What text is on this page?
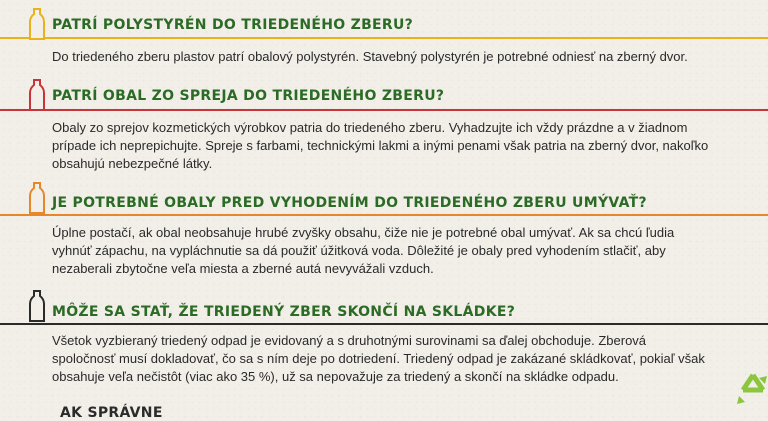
PATRÍ POLYSTYRÉN DO TRIEDENÉHO ZBERU?
Do triedeného zberu plastov patrí obalový polystyrén. Stavebný polystyrén je potrebné odniesť na zberný dvor.
PATRÍ OBAL ZO SPREJA DO TRIEDENÉHO ZBERU?
Obaly zo sprejov kozmetických výrobkov patria do triedeného zberu. Vyhadzujte ich vždy prázdne a v žiadnom prípade ich neprepichujte. Spreje s farbami, technickými lakmi a inými penami však patria na zberný dvor, nakoľko obsahujú nebezpečné látky.
JE POTREBNÉ OBALY PRED VYHODENÍM DO TRIEDENÉHO ZBERU UMÝVAŤ?
Úplne postačí, ak obal neobsahuje hrubé zvyšky obsahu, čiže nie je potrebné obal umývať. Ak sa chcú ľudia vyhnúť zápachu, na vypláchnutie sa dá použiť úžitková voda. Dôležité je obaly pred vyhodením stlačiť, aby nezaberali zbytočne veľa miesta a zberné autá nevyvážali vzduch.
MÔŽE SA STAŤ, ŽE TRIEDENÝ ZBER SKONČÍ NA SKLÁDKE?
Všetok vyzbieraný triedený odpad je evidovaný a s druhotnými surovinami sa ďalej obchoduje. Zberová spoločnosť musí dokladovať, čo sa s ním deje po dotriedení. Triedený odpad je zakázané skládkovať, pokiaľ však obsahuje veľa nečistôt (viac ako 35 %), už sa nepovažuje za triedený a skončí na skládke odpadu.
AK SPRÁVNE
